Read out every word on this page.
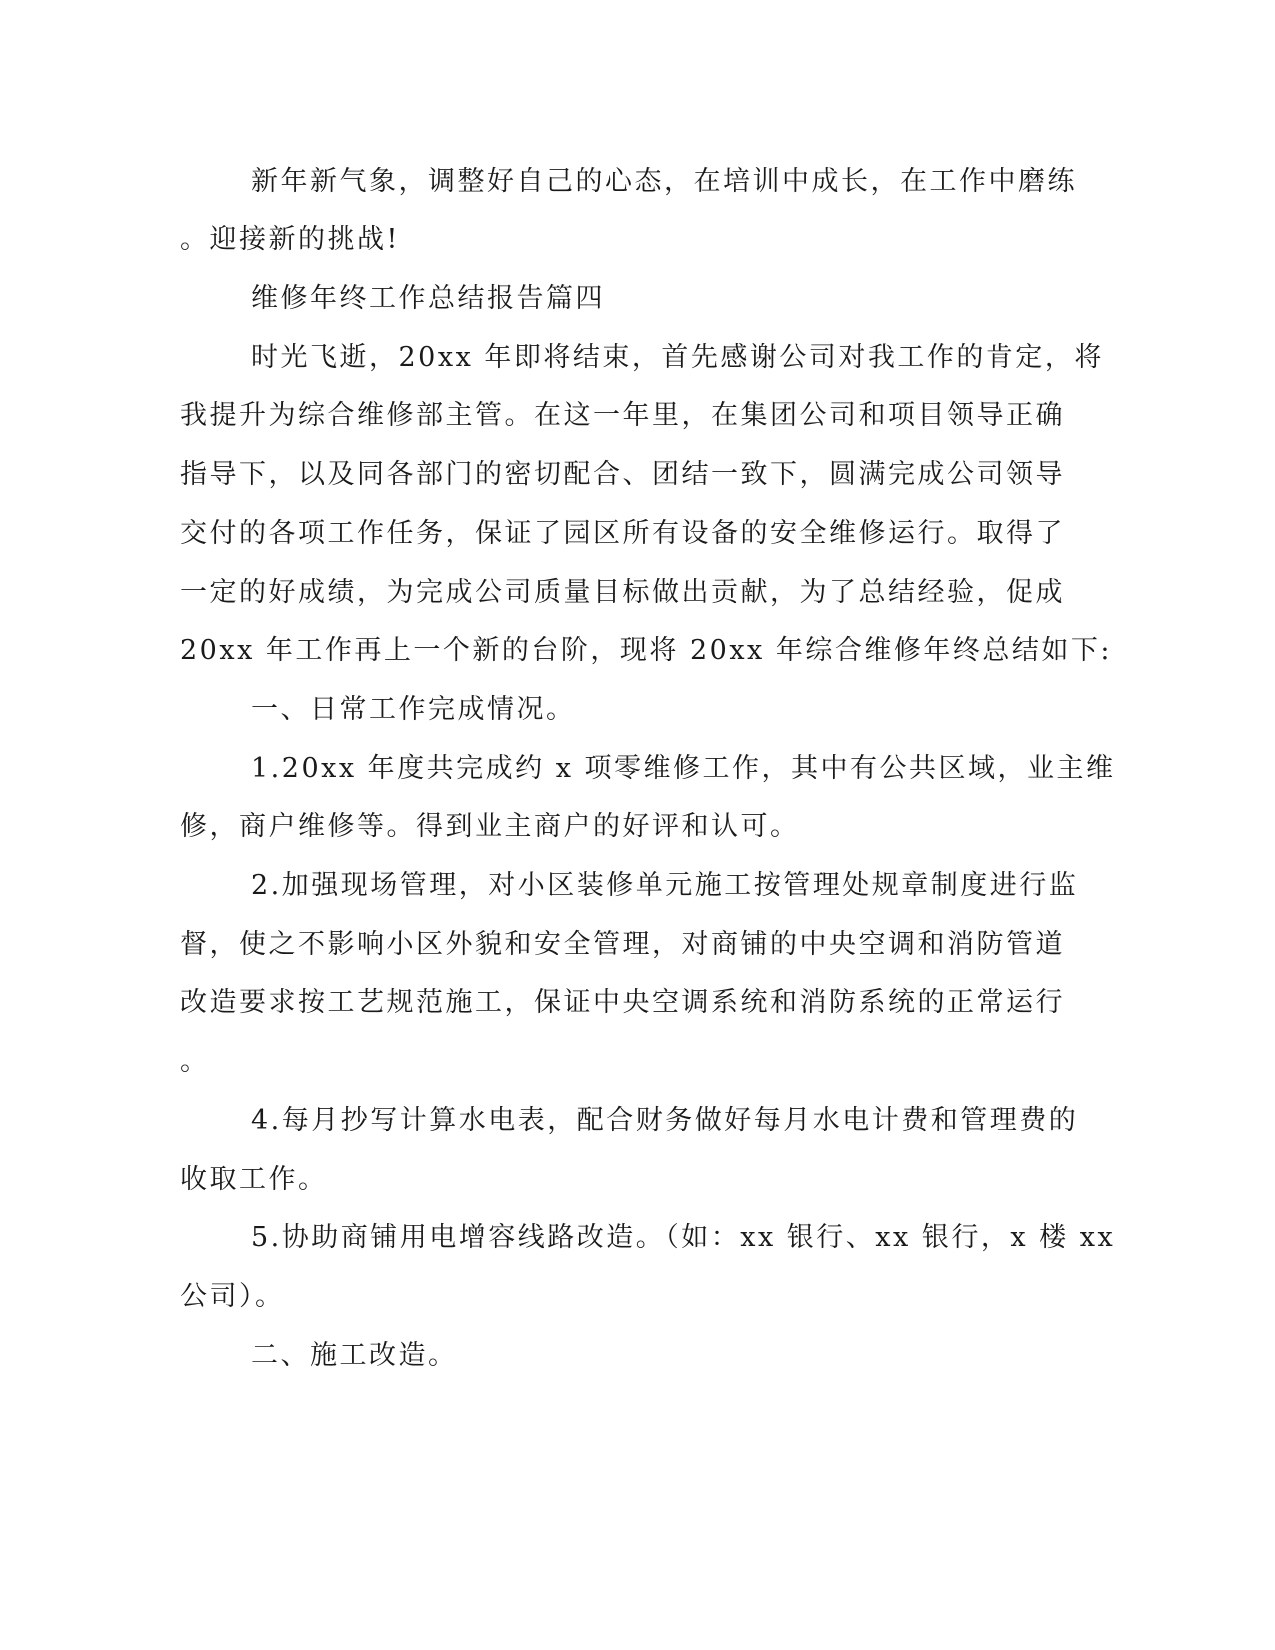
新年新气象，调整好自己的心态，在培训中成长，在工作中磨练
。迎接新的挑战!
维修年终工作总结报告篇四
时光飞逝，20xx 年即将结束，首先感谢公司对我工作的肯定，将
我提升为综合维修部主管。在这一年里，在集团公司和项目领导正确
指导下，以及同各部门的密切配合、团结一致下，圆满完成公司领导
交付的各项工作任务，保证了园区所有设备的安全维修运行。取得了
一定的好成绩，为完成公司质量目标做出贡献，为了总结经验，促成
20xx 年工作再上一个新的台阶，现将 20xx 年综合维修年终总结如下:
一、日常工作完成情况。
1.20xx 年度共完成约 x 项零维修工作，其中有公共区域，业主维
修，商户维修等。得到业主商户的好评和认可。
2.加强现场管理，对小区装修单元施工按管理处规章制度进行监
督，使之不影响小区外貌和安全管理，对商铺的中央空调和消防管道
改造要求按工艺规范施工，保证中央空调系统和消防系统的正常运行
。
4.每月抄写计算水电表，配合财务做好每月水电计费和管理费的
收取工作。
5.协助商铺用电增容线路改造。（如：xx 银行、xx 银行，x 楼 xx
公司）。
二、施工改造。
